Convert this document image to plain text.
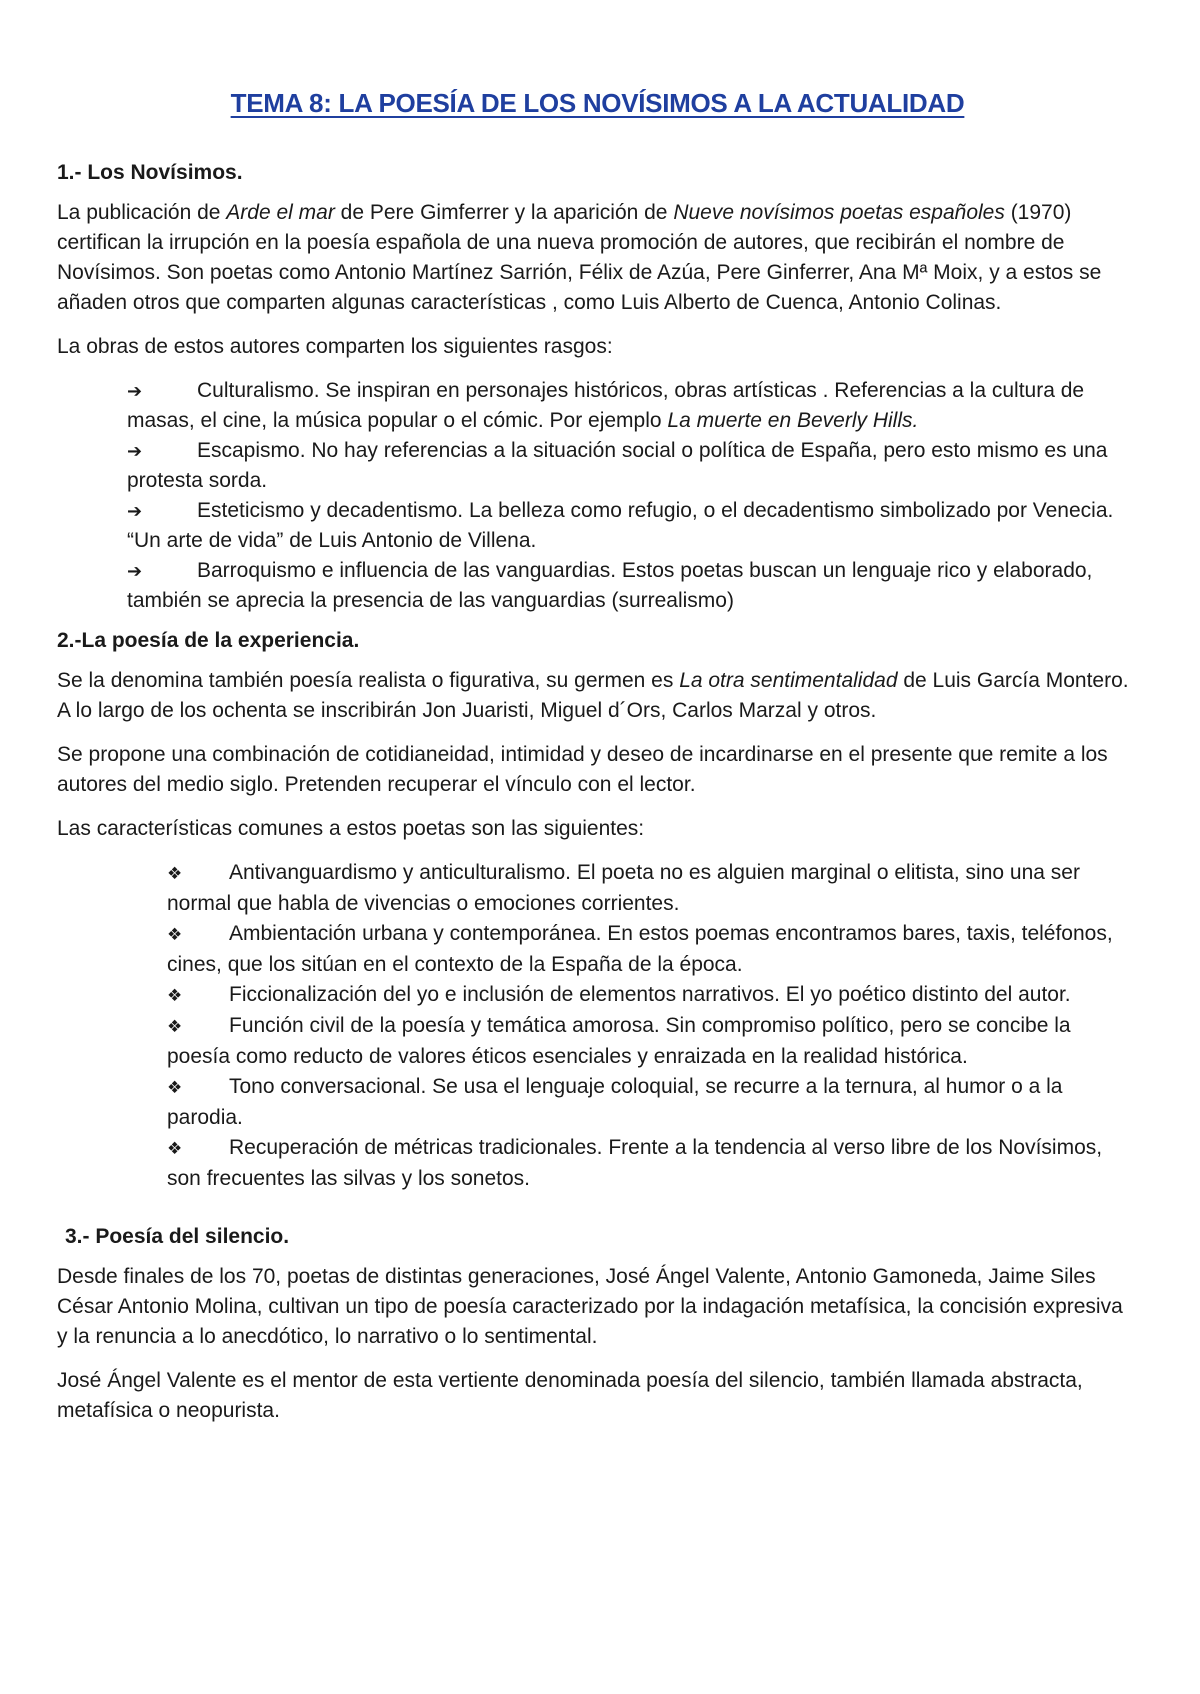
TEMA 8: LA POESÍA DE LOS NOVÍSIMOS A LA ACTUALIDAD
1.- Los Novísimos.

La publicación de Arde el mar de Pere Gimferrer y la aparición de Nueve novísimos poetas españoles (1970) certifican la irrupción en la poesía española de una nueva promoción de autores, que recibirán el nombre de Novísimos. Son poetas como Antonio Martínez Sarrión, Félix de Azúa, Pere Ginferrer, Ana Mª Moix, y a estos se añaden otros que comparten algunas características , como Luis Alberto de Cuenca, Antonio Colinas.

La obras de estos autores comparten los siguientes rasgos:

➔	Culturalismo. Se inspiran en personajes históricos, obras artísticas . Referencias a la cultura de masas, el cine, la música popular o el cómic. Por ejemplo La muerte en Beverly Hills.
➔	Escapismo. No hay referencias a la situación social o política de España, pero esto mismo es una protesta sorda.
➔	Esteticismo y decadentismo. La belleza como refugio, o el decadentismo simbolizado por Venecia. “Un arte de vida” de Luis Antonio de Villena.
➔	Barroquismo e influencia de las vanguardias. Estos poetas buscan un lenguaje rico y elaborado, también se aprecia la presencia de las vanguardias (surrealismo)
2.-La poesía de la experiencia.

Se la denomina también poesía realista o figurativa, su germen es La otra sentimentalidad de Luis García Montero. A lo largo de los ochenta se inscribirán Jon Juaristi, Miguel d´Ors, Carlos Marzal y otros.

Se propone una combinación de cotidianeidad, intimidad y deseo de incardinarse en el presente que remite a los autores del medio siglo. Pretenden recuperar el vínculo con el lector.

Las características comunes a estos poetas son las siguientes:

❖ Antivanguardismo y anticulturalismo. El poeta no es alguien marginal o elitista, sino una ser normal que habla de vivencias o emociones corrientes.
❖ Ambientación urbana y contemporánea. En estos poemas encontramos bares, taxis, teléfonos, cines, que los sitúan en el contexto de la España de la época.
❖ Ficcionalización del yo e inclusión de elementos narrativos. El yo poético distinto del autor.
❖ Función civil de la poesía y temática amorosa. Sin compromiso político, pero se concibe la poesía como reducto de valores éticos esenciales y enraizada en la realidad histórica.
❖ Tono conversacional. Se usa el lenguaje coloquial, se recurre a la ternura, al humor o a la parodia.
❖ Recuperación de métricas tradicionales. Frente a la tendencia al verso libre de los Novísimos, son frecuentes las silvas y los sonetos.
3.- Poesía del silencio.

Desde finales de los 70, poetas de distintas generaciones, José Ángel Valente, Antonio Gamoneda, Jaime Siles César Antonio Molina, cultivan un tipo de poesía caracterizado por la indagación metafísica, la concisión expresiva y la renuncia a lo anecdótico, lo narrativo o lo sentimental.

José Ángel Valente es el mentor de esta vertiente denominada poesía del silencio, también llamada abstracta, metafísica o neopurista.
